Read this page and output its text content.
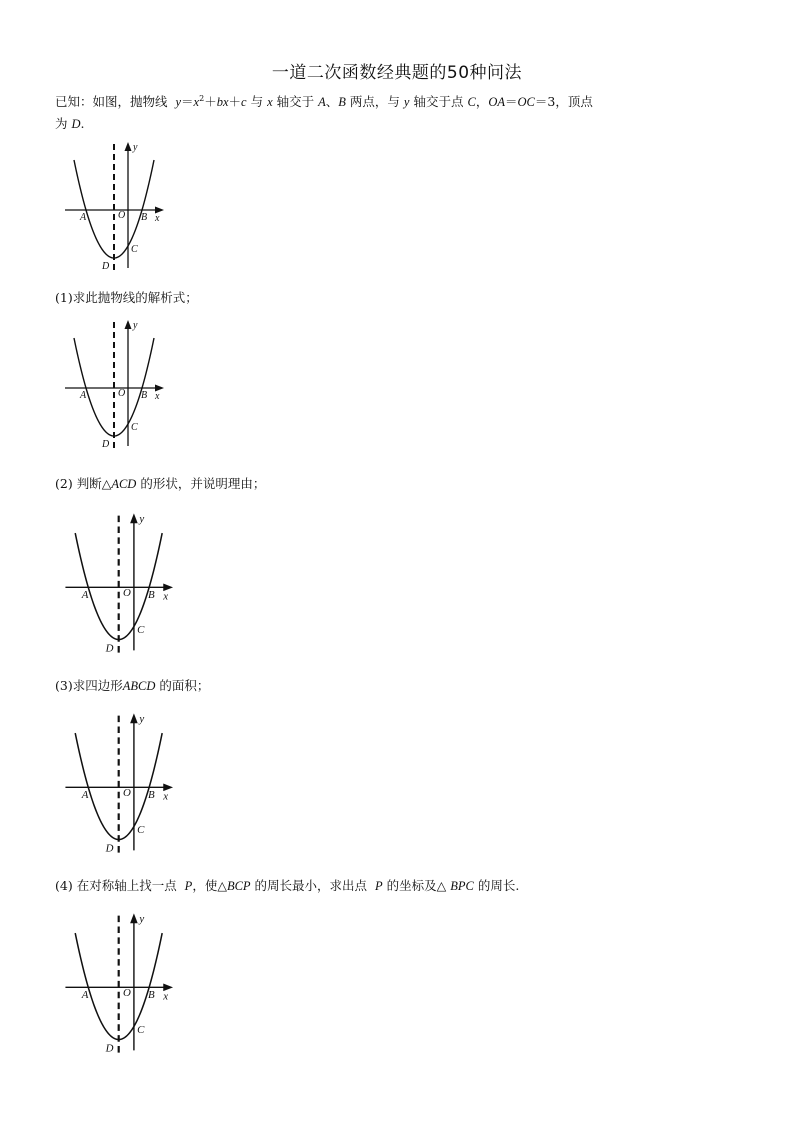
一道二次函数经典题的50种问法
已知：如图，抛物线 $y=x^2+bx+c$ 与 x 轴交于 A、B 两点，与 y 轴交于点 C，OA＝OC＝3，顶点
为 D.
A	O B x
y
C
D
(1)求此抛物线的解析式；
A	O B x
y
C
D
(2) 判断△ACD 的形状，并说明理由；
A	O B x
y
C
D
(3)求四边形ABCD 的面积；
A	O B x
y
C
D
(4) 在对称轴上找一点 P，使△BCP 的周长最小，求出点 P 的坐标及△ BPC 的周长.
A	O B x
y
C
D
